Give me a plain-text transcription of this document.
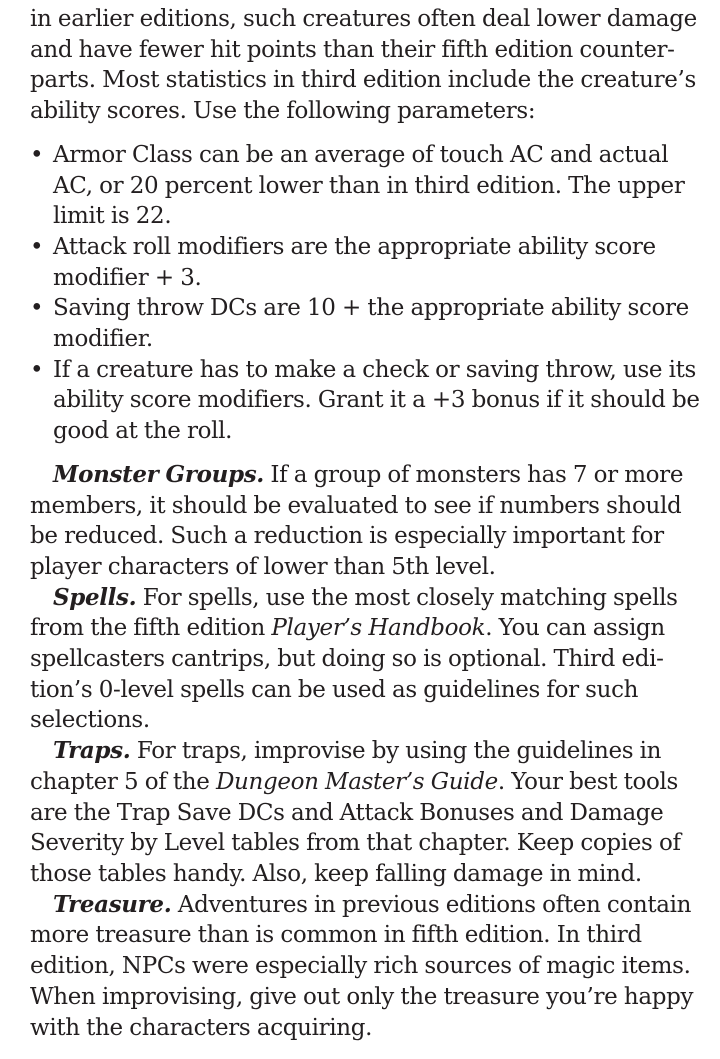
in earlier editions, such creatures often deal lower damage and have fewer hit points than their fifth edition counter-parts. Most statistics in third edition include the creature’s ability scores. Use the following parameters:

• Armor Class can be an average of touch AC and actual AC, or 20 percent lower than in third edition. The upper limit is 22.
• Attack roll modifiers are the appropriate ability score modifier + 3.
• Saving throw DCs are 10 + the appropriate ability score modifier.
• If a creature has to make a check or saving throw, use its ability score modifiers. Grant it a +3 bonus if it should be good at the roll.

Monster Groups. If a group of monsters has 7 or more members, it should be evaluated to see if numbers should be reduced. Such a reduction is especially important for player characters of lower than 5th level.

Spells. For spells, use the most closely matching spells from the fifth edition Player’s Handbook. You can assign spellcasters cantrips, but doing so is optional. Third edi-tion’s 0-level spells can be used as guidelines for such selections.

Traps. For traps, improvise by using the guidelines in chapter 5 of the Dungeon Master’s Guide. Your best tools are the Trap Save DCs and Attack Bonuses and Damage Severity by Level tables from that chapter. Keep copies of those tables handy. Also, keep falling damage in mind.

Treasure. Adventures in previous editions often contain more treasure than is common in fifth edition. In third edition, NPCs were especially rich sources of magic items. When improvising, give out only the treasure you’re happy with the characters acquiring.
